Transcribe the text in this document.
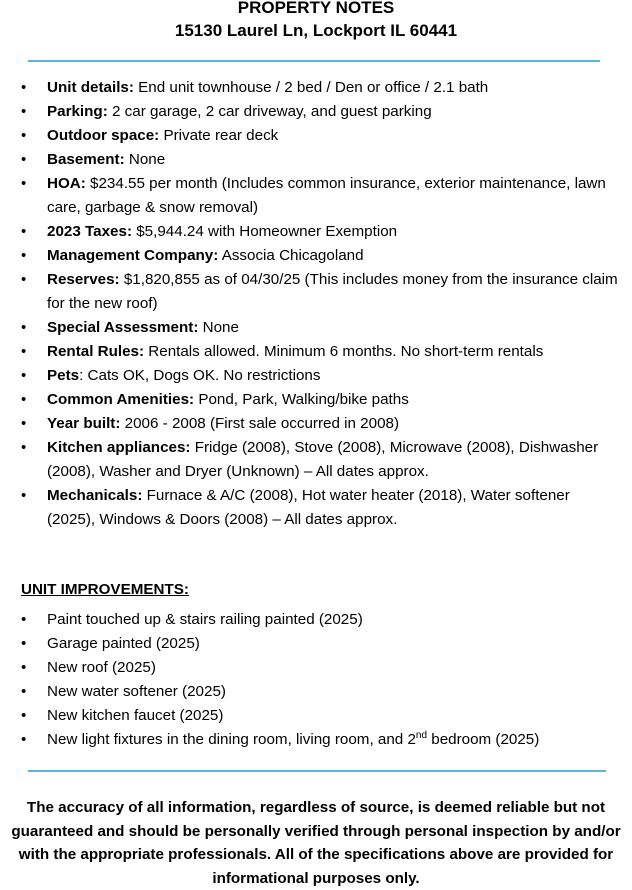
PROPERTY NOTES
15130 Laurel Ln, Lockport IL 60441
• Unit details: End unit townhouse / 2 bed / Den or office / 2.1 bath
• Parking: 2 car garage, 2 car driveway, and guest parking
• Outdoor space: Private rear deck
• Basement: None
• HOA: $234.55 per month (Includes common insurance, exterior maintenance, lawn care, garbage & snow removal)
• 2023 Taxes: $5,944.24 with Homeowner Exemption
• Management Company: Associa Chicagoland
• Reserves: $1,820,855 as of 04/30/25 (This includes money from the insurance claim for the new roof)
• Special Assessment: None
• Rental Rules: Rentals allowed. Minimum 6 months. No short-term rentals
• Pets: Cats OK, Dogs OK. No restrictions
• Common Amenities: Pond, Park, Walking/bike paths
• Year built: 2006 - 2008 (First sale occurred in 2008)
• Kitchen appliances: Fridge (2008), Stove (2008), Microwave (2008), Dishwasher (2008), Washer and Dryer (Unknown) – All dates approx.
• Mechanicals: Furnace & A/C (2008), Hot water heater (2018), Water softener (2025), Windows & Doors (2008) – All dates approx.
UNIT IMPROVEMENTS:
• Paint touched up & stairs railing painted (2025)
• Garage painted (2025)
• New roof (2025)
• New water softener (2025)
• New kitchen faucet (2025)
• New light fixtures in the dining room, living room, and 2nd bedroom (2025)

The accuracy of all information, regardless of source, is deemed reliable but not guaranteed and should be personally verified through personal inspection by and/or with the appropriate professionals. All of the specifications above are provided for informational purposes only.
